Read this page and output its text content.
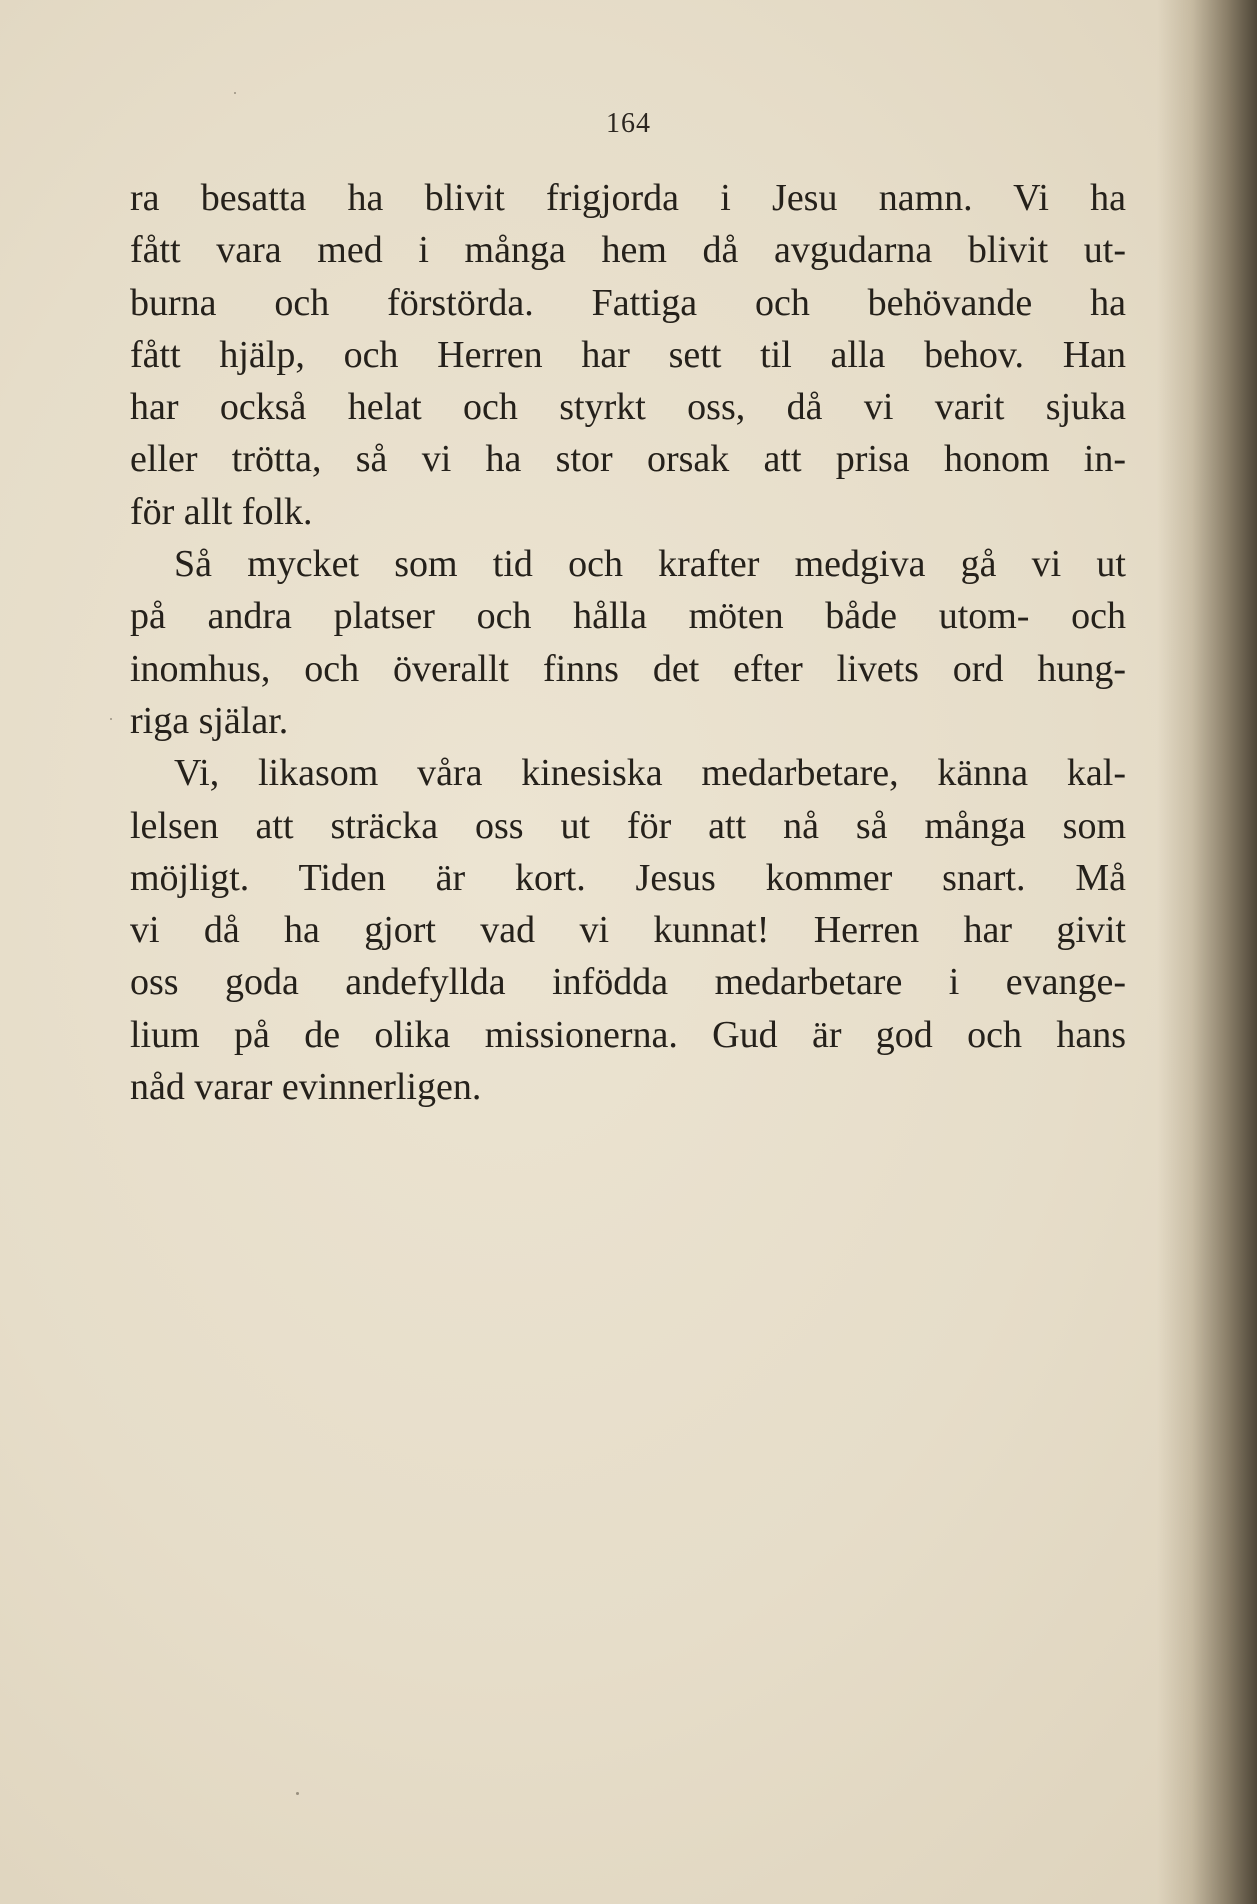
164
ra besatta ha blivit frigjorda i Jesu namn. Vi ha
fått vara med i många hem då avgudarna blivit ut-
burna och förstörda. Fattiga och behövande ha
fått hjälp, och Herren har sett til alla behov. Han
har också helat och styrkt oss, då vi varit sjuka
eller trötta, så vi ha stor orsak att prisa honom in-
för allt folk.
Så mycket som tid och krafter medgiva gå vi ut
på andra platser och hålla möten både utom- och
inomhus, och överallt finns det efter livets ord hung-
riga själar.
Vi, likasom våra kinesiska medarbetare, känna kal-
lelsen att sträcka oss ut för att nå så många som
möjligt. Tiden är kort. Jesus kommer snart. Må
vi då ha gjort vad vi kunnat! Herren har givit
oss goda andefyllda infödda medarbetare i evange-
lium på de olika missionerna. Gud är god och hans
nåd varar evinnerligen.
